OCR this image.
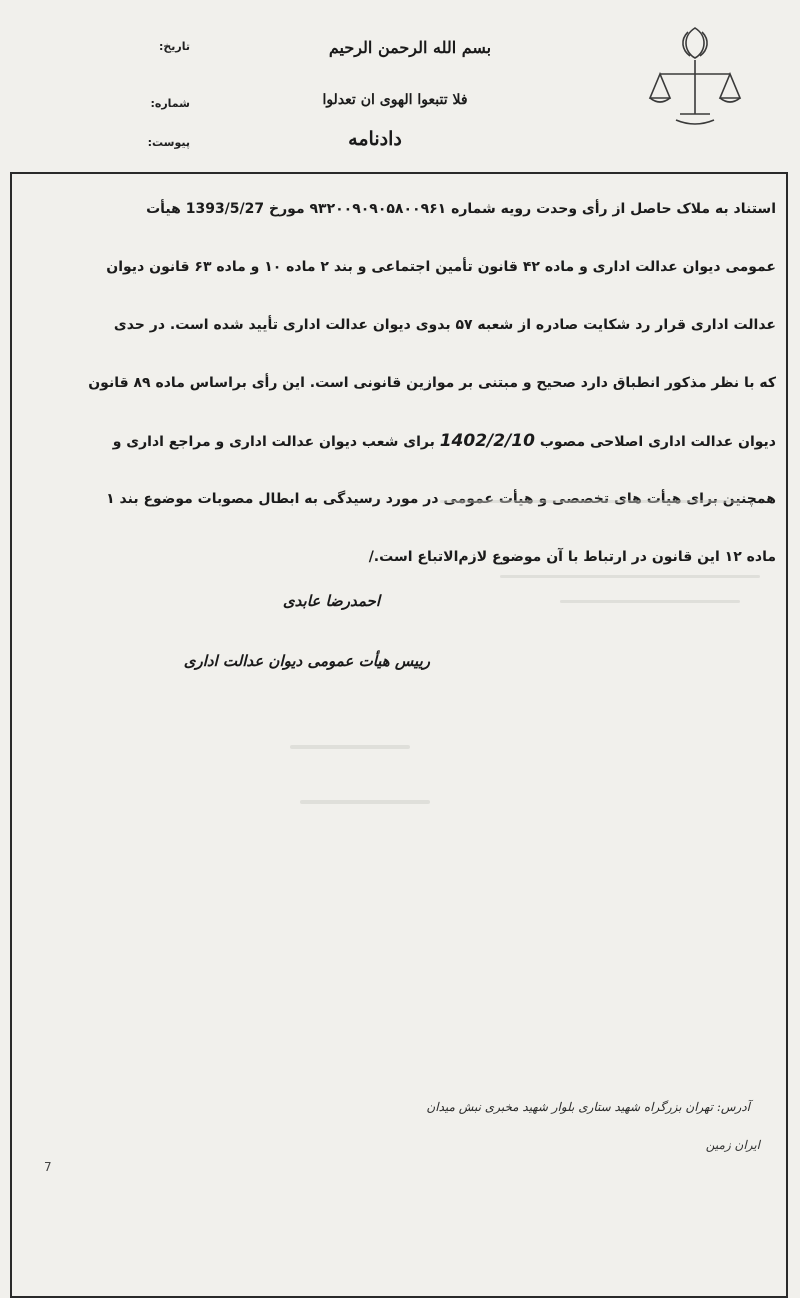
﻿
بسم الله الرحمن الرحیم
فلا تتبعوا الهوی ان تعدلوا
دادنامه
تاریخ:
شماره:
پیوست:
استناد به ملاک حاصل از رأی وحدت رویه شماره ۹۳۲۰۰۹۰۹۰۵۸۰۰۹۶۱ مورخ 1393/5/27 هیأت
عمومی دیوان عدالت اداری و ماده ۴۲ قانون تأمین اجتماعی و بند ۲ ماده ۱۰ و ماده ۶۳ قانون دیوان
عدالت اداری قرار رد شکایت صادره از شعبه ۵۷ بدوی دیوان عدالت اداری تأیید شده است. در حدی
که با نظر مذکور انطباق دارد صحیح و مبتنی بر موازین قانونی است. این رأی براساس ماده ۸۹ قانون
دیوان عدالت اداری اصلاحی مصوب 1402/2/10 برای شعب دیوان عدالت اداری و مراجع اداری و
همچنین برای هیأت های تخصصی و هیأت عمومی در مورد رسیدگی به ابطال مصوبات موضوع بند ۱
ماده ۱۲ این قانون در ارتباط با آن موضوع لازم‌الاتباع است./
احمدرضا عابدی
رییس هیأت عمومی دیوان عدالت اداری
آدرس: تهران بزرگراه شهید ستاری بلوار شهید مخبری نبش میدان
ایران زمین
7
